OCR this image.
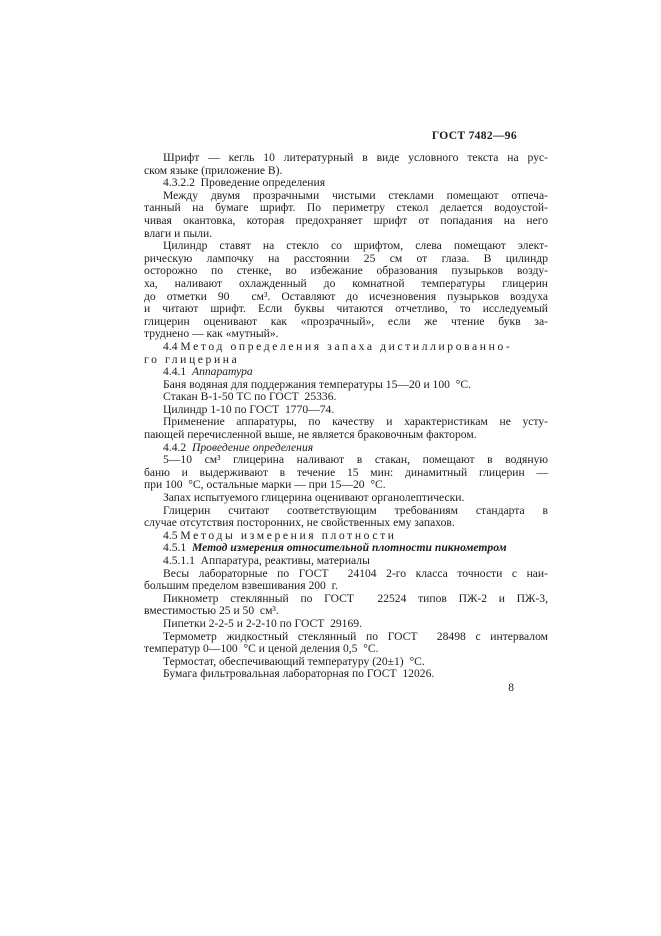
ГОСТ 7482—96
Шрифт — кегль 10 литературный в виде условного текста на рус-
ском языке (приложение В).
4.3.2.2  Проведение определения
Между двумя прозрачными чистыми стеклами помещают отпеча-
танный на бумаге шрифт. По периметру стекол делается водоустой-
чивая окантовка, которая предохраняет шрифт от попадания на него
влаги и пыли.
Цилиндр ставят на стекло со шрифтом, слева помещают элект-
рическую лампочку на расстоянии 25 см от глаза. В цилиндр
осторожно по стенке, во избежание образования пузырьков возду-
ха, наливают охлажденный до комнатной температуры глицерин
до отметки 90  см³. Оставляют до исчезновения пузырьков воздуха
и читают шрифт. Если буквы читаются отчетливо, то исследуемый
глицерин оценивают как «прозрачный», если же чтение букв за-
труднено — как «мутный».
4.4 Метод определения запаха дистиллированно-
го глицерина
4.4.1  Аппаратура
Баня водяная для поддержания температуры 15—20 и 100  °С.
Стакан В-1-50 ТС по ГОСТ  25336.
Цилиндр 1-10 по ГОСТ  1770—74.
Применение аппаратуры, по качеству и характеристикам не усту-
пающей перечисленной выше, не является браковочным фактором.
4.4.2  Проведение определения
5—10 см³ глицерина наливают в стакан, помещают в водяную
баню и выдерживают в течение 15 мин: динамитный глицерин —
при 100  °С, остальные марки — при 15—20  °С.
Запах испытуемого глицерина оценивают органолептически.
Глицерин считают соответствующим требованиям стандарта в
случае отсутствия посторонних, не свойственных ему запахов.
4.5 Методы измерения плотности
4.5.1  Метод измерения относительной плотности пикнометром
4.5.1.1  Аппаратура, реактивы, материалы
Весы лабораторные по ГОСТ  24104 2-го класса точности с наи-
большим пределом взвешивания 200  г.
Пикнометр стеклянный по ГОСТ  22524 типов ПЖ-2 и ПЖ-3,
вместимостью 25 и 50  см³.
Пипетки 2-2-5 и 2-2-10 по ГОСТ  29169.
Термометр жидкостный стеклянный по ГОСТ  28498 с интервалом
температур 0—100  °С и ценой деления 0,5  °С.
Термостат, обеспечивающий температуру (20±1)  °С.
Бумага фильтровальная лабораторная по ГОСТ  12026.
8
